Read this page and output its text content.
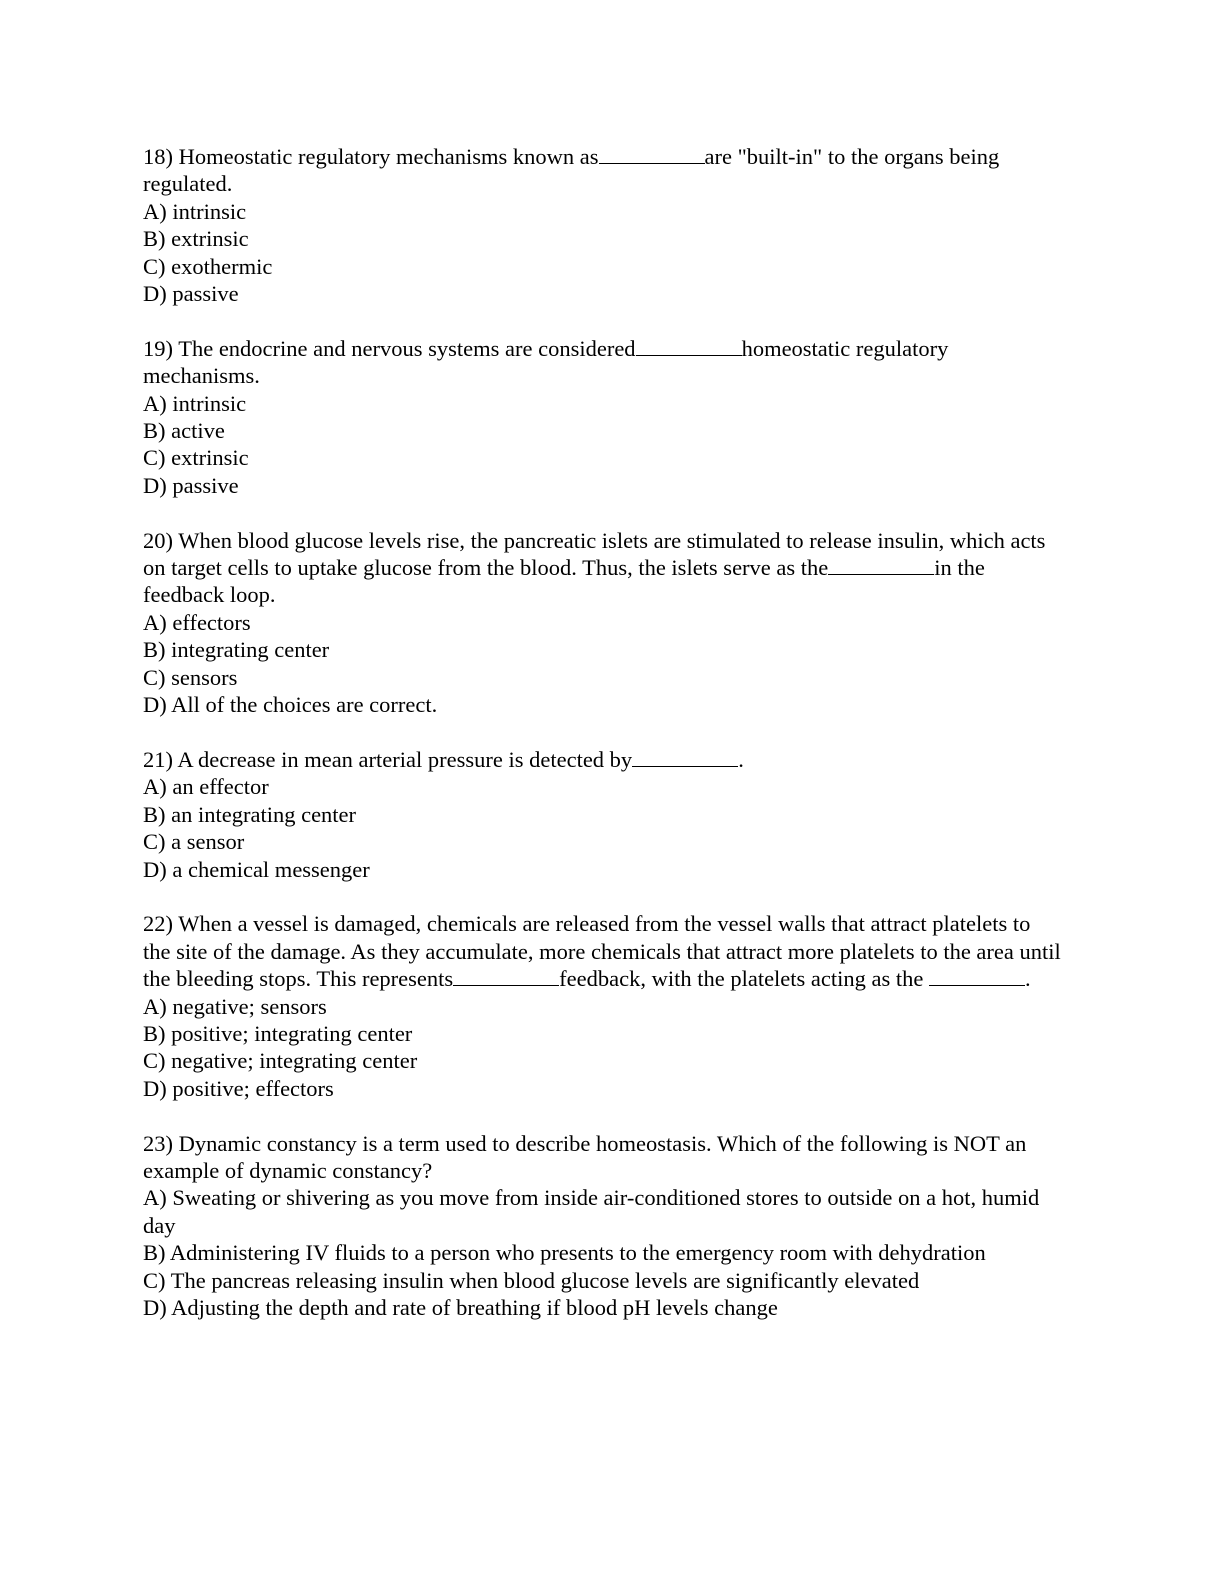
18) Homeostatic regulatory mechanisms known as	are "built-in" to the organs being regulated.

A) intrinsic

B) extrinsic

C) exothermic

D) passive

19) The endocrine and nervous systems are considered	homeostatic regulatory mechanisms.

A) intrinsic

B) active

C) extrinsic

D) passive

20) When blood glucose levels rise, the pancreatic islets are stimulated to release insulin, which acts on target cells to uptake glucose from the blood. Thus, the islets serve as the	in the feedback loop.

A) effectors

B) integrating center

C) sensors

D) All of the choices are correct.

21) A decrease in mean arterial pressure is detected by	.

A) an effector

B) an integrating center

C) a sensor

D) a chemical messenger

22) When a vessel is damaged, chemicals are released from the vessel walls that attract platelets to the site of the damage. As they accumulate, more chemicals that attract more platelets to the area until the bleeding stops. This represents	feedback, with the platelets acting as the	.

A) negative; sensors

B) positive; integrating center

C) negative; integrating center

D) positive; effectors

23) Dynamic constancy is a term used to describe homeostasis. Which of the following is NOT an example of dynamic constancy?

A) Sweating or shivering as you move from inside air-conditioned stores to outside on a hot, humid day

B) Administering IV fluids to a person who presents to the emergency room with dehydration

C) The pancreas releasing insulin when blood glucose levels are significantly elevated

D) Adjusting the depth and rate of breathing if blood pH levels change
